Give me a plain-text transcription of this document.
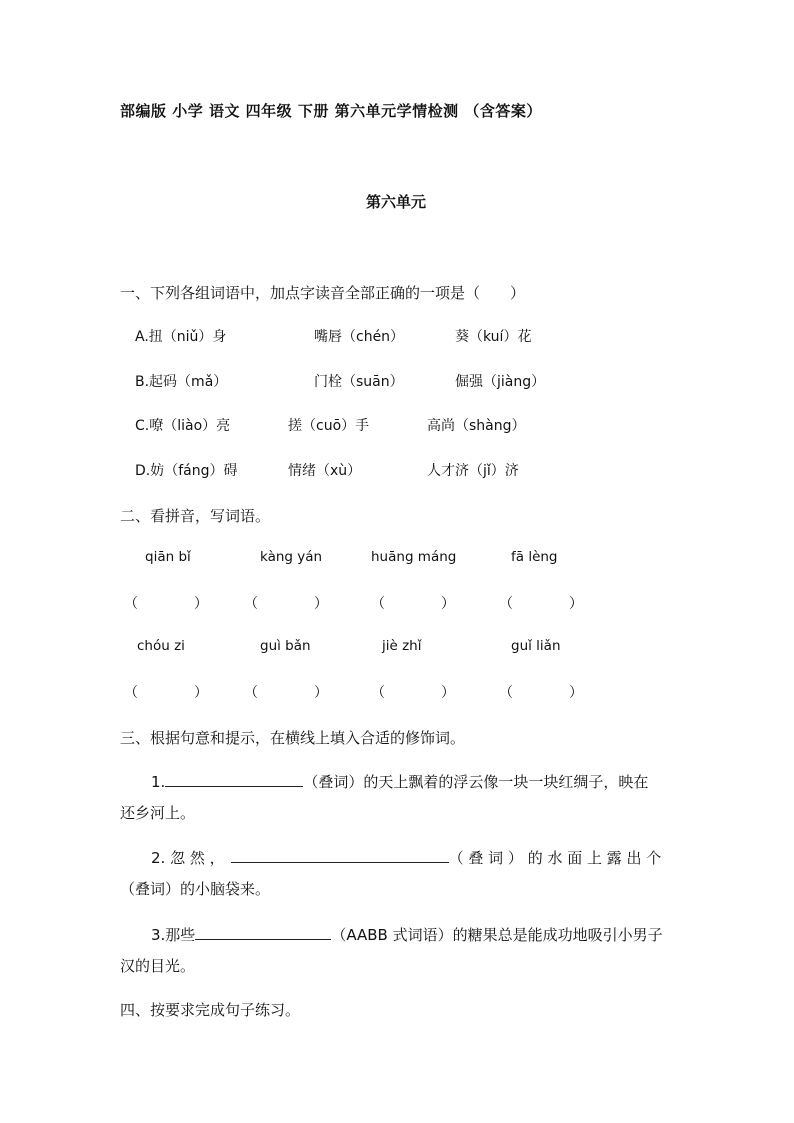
部编版 小学 语文 四年级 下册 第六单元学情检测 （含答案）
第六单元
一、下列各组词语中，加点字读音全部正确的一项是（　　）
A.扭（niǔ）身	嘴唇（chén）	葵（kuí）花
B.起码（mǎ）	门栓（suān）	倔强（jiàng）
C.嘹（liào）亮	搓（cuō）手	高尚（shàng）
D.妨（fáng）碍	情绪（xù）	人才济（jǐ）济
二、看拼音，写词语。
qiān bǐ	kàng yán	huāng máng	fā lèng
（	）	（	）	（	）	（	）
chóu zi	guì bǎn	jiè zhǐ	guǐ liǎn
（	）	（	）	（	）	（	）
三、根据句意和提示，在横线上填入合适的修饰词。
1.	（叠词）的天上飘着的浮云像一块一块红绸子，映在
还乡河上。
2. 忽 然 ，	（ 叠 词 ） 的 水 面 上 露 出 个
（叠词）的小脑袋来。
3.那些	（AABB 式词语）的糖果总是能成功地吸引小男子
汉的目光。
四、按要求完成句子练习。
